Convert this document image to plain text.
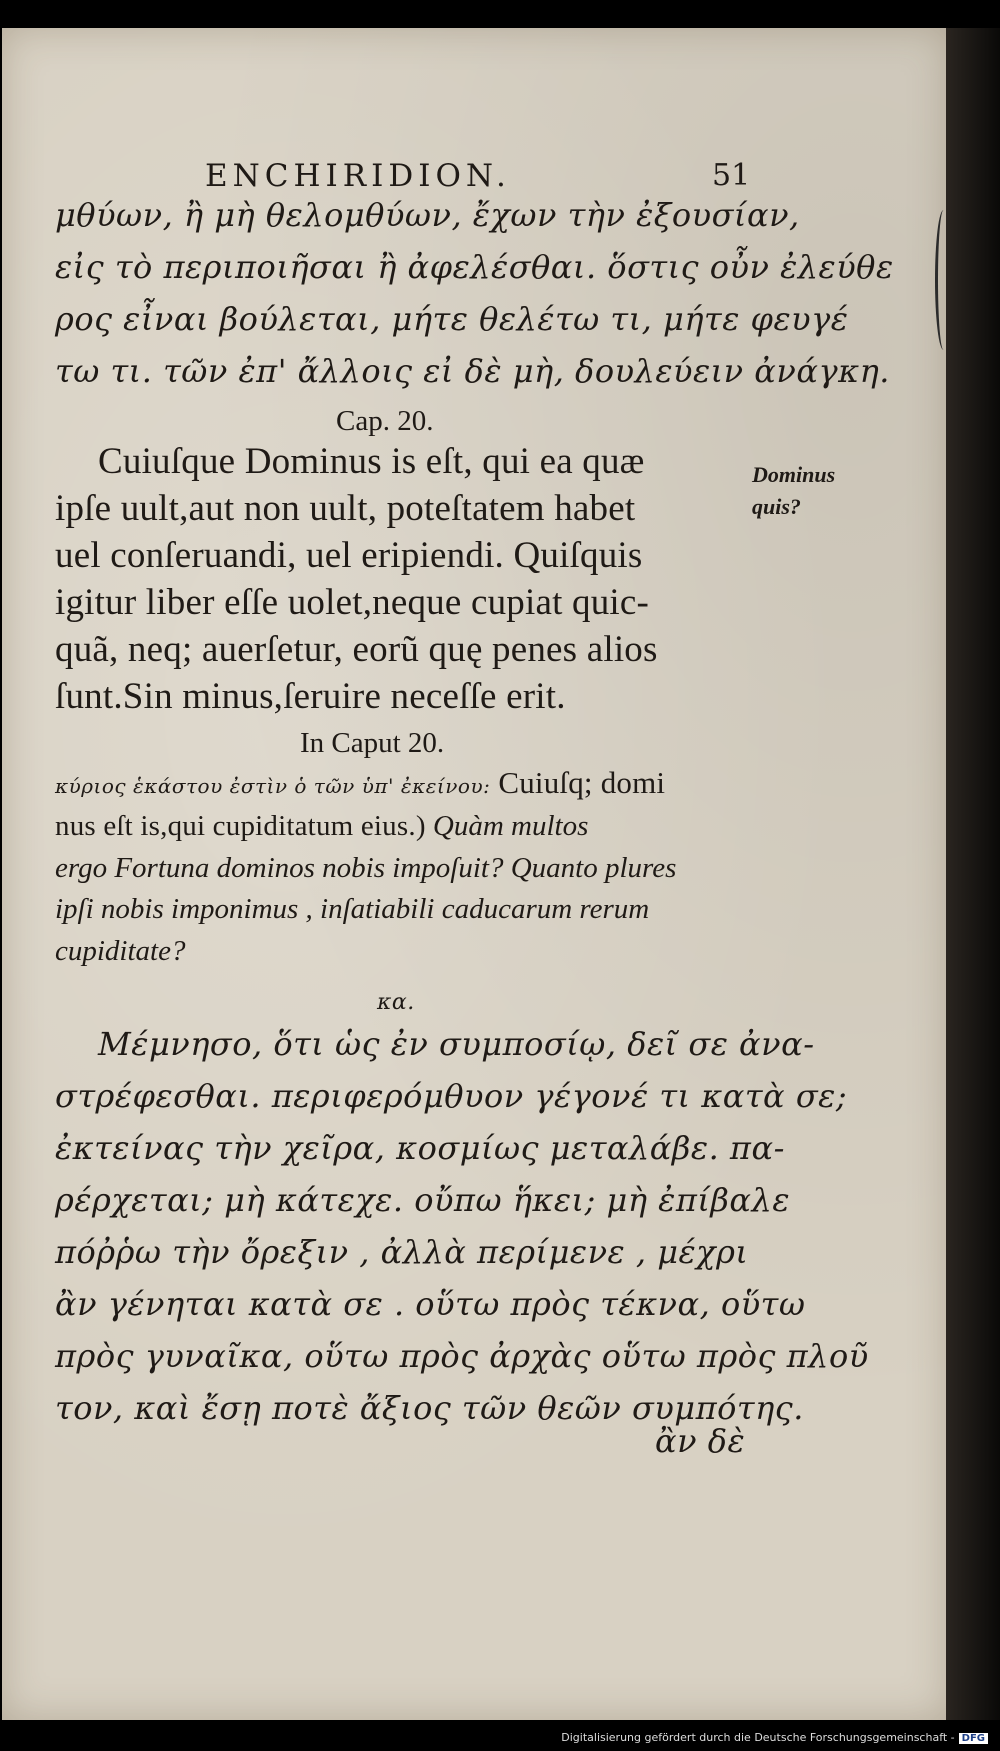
ENCHIRIDION.	51
μθύων, ἢ μὴ θελομθύων, ἔχων τὴν ἐξουσίαν,
εἰς τὸ περιποιῆσαι ἢ ἀφελέσθαι. ὅστις οὖν ἐλεύθε
ρος εἶναι βούλεται, μήτε θελέτω τι, μήτε φευγέ
τω τι. τῶν ἐπ' ἄλλοις εἰ δὲ μὴ, δουλεύειν ἀνάγκη.
Cap. 20.
Cuiuſque Dominus is eſt, qui ea quæ
ipſe uult,aut non uult, poteſtatem habet
uel conſeruandi, uel eripiendi. Quiſquis
igitur liber eſſe uolet,neque cupiat quic-
quã, neq; auerſetur, eorũ quę penes alios
ſunt.Sin minus,ſeruire neceſſe erit.
Dominus
quis?
In Caput 20.
κύριος ἑκάστου ἐστὶν ὁ τῶν ὑπ' ἐκείνου: Cuiuſq; domi
nus eſt is,qui cupiditatum eius.) Quàm multos
ergo Fortuna dominos nobis impoſuit? Quanto plures
ipſi nobis imponimus , inſatiabili caducarum rerum
cupiditate?
κα.
Μέμνησο, ὅτι ὡς ἐν συμποσίῳ, δεῖ σε ἀνα-
στρέφεσθαι. περιφερόμθυον γέγονέ τι κατὰ σε;
ἐκτείνας τὴν χεῖρα, κοσμίως μεταλάβε. πα-
ρέρχεται; μὴ κάτεχε. οὔπω ἥκει; μὴ ἐπίβαλε
πόῤῥω τὴν ὄρεξιν , ἀλλὰ περίμενε , μέχρι
ἂν γένηται κατὰ σε . οὕτω πρὸς τέκνα, οὕτω
πρὸς γυναῖκα, οὕτω πρὸς ἀρχὰς οὕτω πρὸς πλοῦ
τον, καὶ ἔσῃ ποτὲ ἄξιος τῶν θεῶν συμπότης.
ἂν δὲ
Digitalisierung gefördert durch die Deutsche Forschungsgemeinschaft - DFG
